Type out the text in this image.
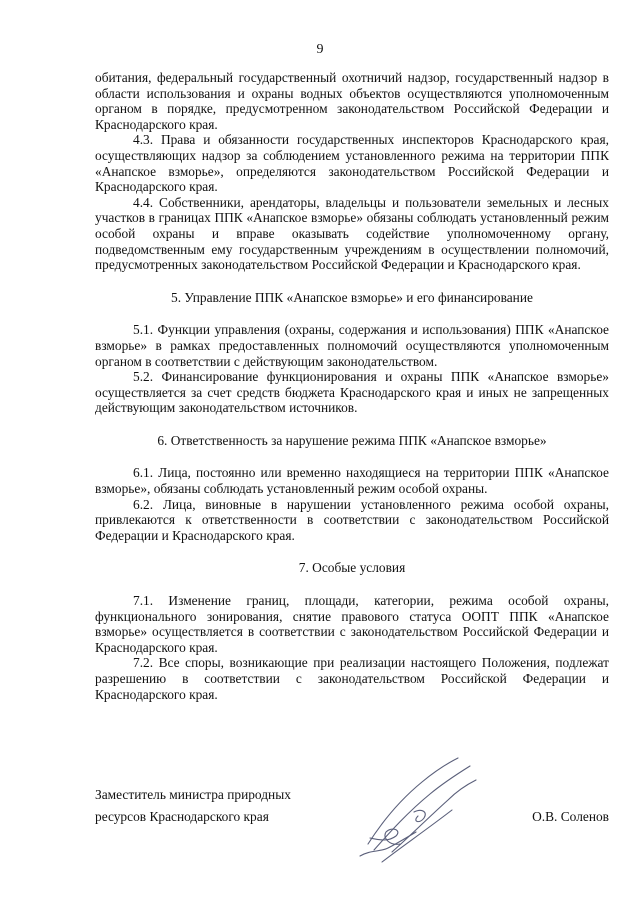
9

обитания, федеральный государственный охотничий надзор, государственный надзор в области использования и охраны водных объектов осуществляются уполномоченным органом в порядке, предусмотренном законодательством Российской Федерации и Краснодарского края.

4.3. Права и обязанности государственных инспекторов Краснодарского края, осуществляющих надзор за соблюдением установленного режима на территории ППК «Анапское взморье», определяются законодательством Российской Федерации и Краснодарского края.

4.4. Собственники, арендаторы, владельцы и пользователи земельных и лесных участков в границах ППК «Анапское взморье» обязаны соблюдать установленный режим особой охраны и вправе оказывать содействие уполномоченному органу, подведомственным ему государственным учреждениям в осуществлении полномочий, предусмотренных законодательством Российской Федерации и Краснодарского края.

5. Управление ППК «Анапское взморье» и его финансирование

5.1. Функции управления (охраны, содержания и использования) ППК «Анапское взморье» в рамках предоставленных полномочий осуществляются уполномоченным органом в соответствии с действующим законодательством.

5.2. Финансирование функционирования и охраны ППК «Анапское взморье» осуществляется за счет средств бюджета Краснодарского края и иных не запрещенных действующим законодательством источников.

6. Ответственность за нарушение режима ППК «Анапское взморье»

6.1. Лица, постоянно или временно находящиеся на территории ППК «Анапское взморье», обязаны соблюдать установленный режим особой охраны.

6.2. Лица, виновные в нарушении установленного режима особой охраны, привлекаются к ответственности в соответствии с законодательством Российской Федерации и Краснодарского края.

7. Особые условия

7.1. Изменение границ, площади, категории, режима особой охраны, функционального зонирования, снятие правового статуса ООПТ ППК «Анапское взморье» осуществляется в соответствии с законодательством Российской Федерации и Краснодарского края.

7.2. Все споры, возникающие при реализации настоящего Положения, подлежат разрешению в соответствии с законодательством Российской Федерации и Краснодарского края.

Заместитель министра природных
ресурсов Краснодарского края	О.В. Соленов
